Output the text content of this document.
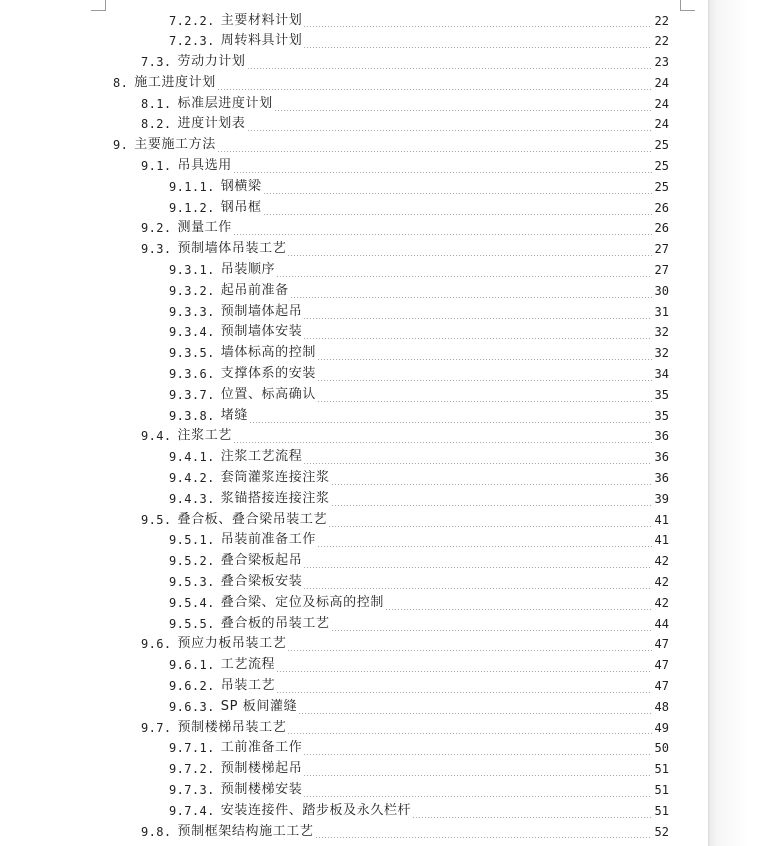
7.2.2. 主要材料计划	22
7.2.3. 周转料具计划	22
7.3. 劳动力计划	23
8. 施工进度计划	24
8.1. 标准层进度计划	24
8.2. 进度计划表	24
9. 主要施工方法	25
9.1. 吊具选用	25
9.1.1. 钢横梁	25
9.1.2. 钢吊框	26
9.2. 测量工作	26
9.3. 预制墙体吊装工艺	27
9.3.1. 吊装顺序	27
9.3.2. 起吊前准备	30
9.3.3. 预制墙体起吊	31
9.3.4. 预制墙体安装	32
9.3.5. 墙体标高的控制	32
9.3.6. 支撑体系的安装	34
9.3.7. 位置、标高确认	35
9.3.8. 堵缝	35
9.4. 注浆工艺	36
9.4.1. 注浆工艺流程	36
9.4.2. 套筒灌浆连接注浆	36
9.4.3. 浆锚搭接连接注浆	39
9.5. 叠合板、叠合梁吊装工艺	41
9.5.1. 吊装前准备工作	41
9.5.2. 叠合梁板起吊	42
9.5.3. 叠合梁板安装	42
9.5.4. 叠合梁、定位及标高的控制	42
9.5.5. 叠合板的吊装工艺	44
9.6. 预应力板吊装工艺	47
9.6.1. 工艺流程	47
9.6.2. 吊装工艺	47
9.6.3. SP 板间灌缝	48
9.7. 预制楼梯吊装工艺	49
9.7.1. 工前准备工作	50
9.7.2. 预制楼梯起吊	51
9.7.3. 预制楼梯安装	51
9.7.4. 安装连接件、踏步板及永久栏杆	51
9.8. 预制框架结构施工工艺	52
